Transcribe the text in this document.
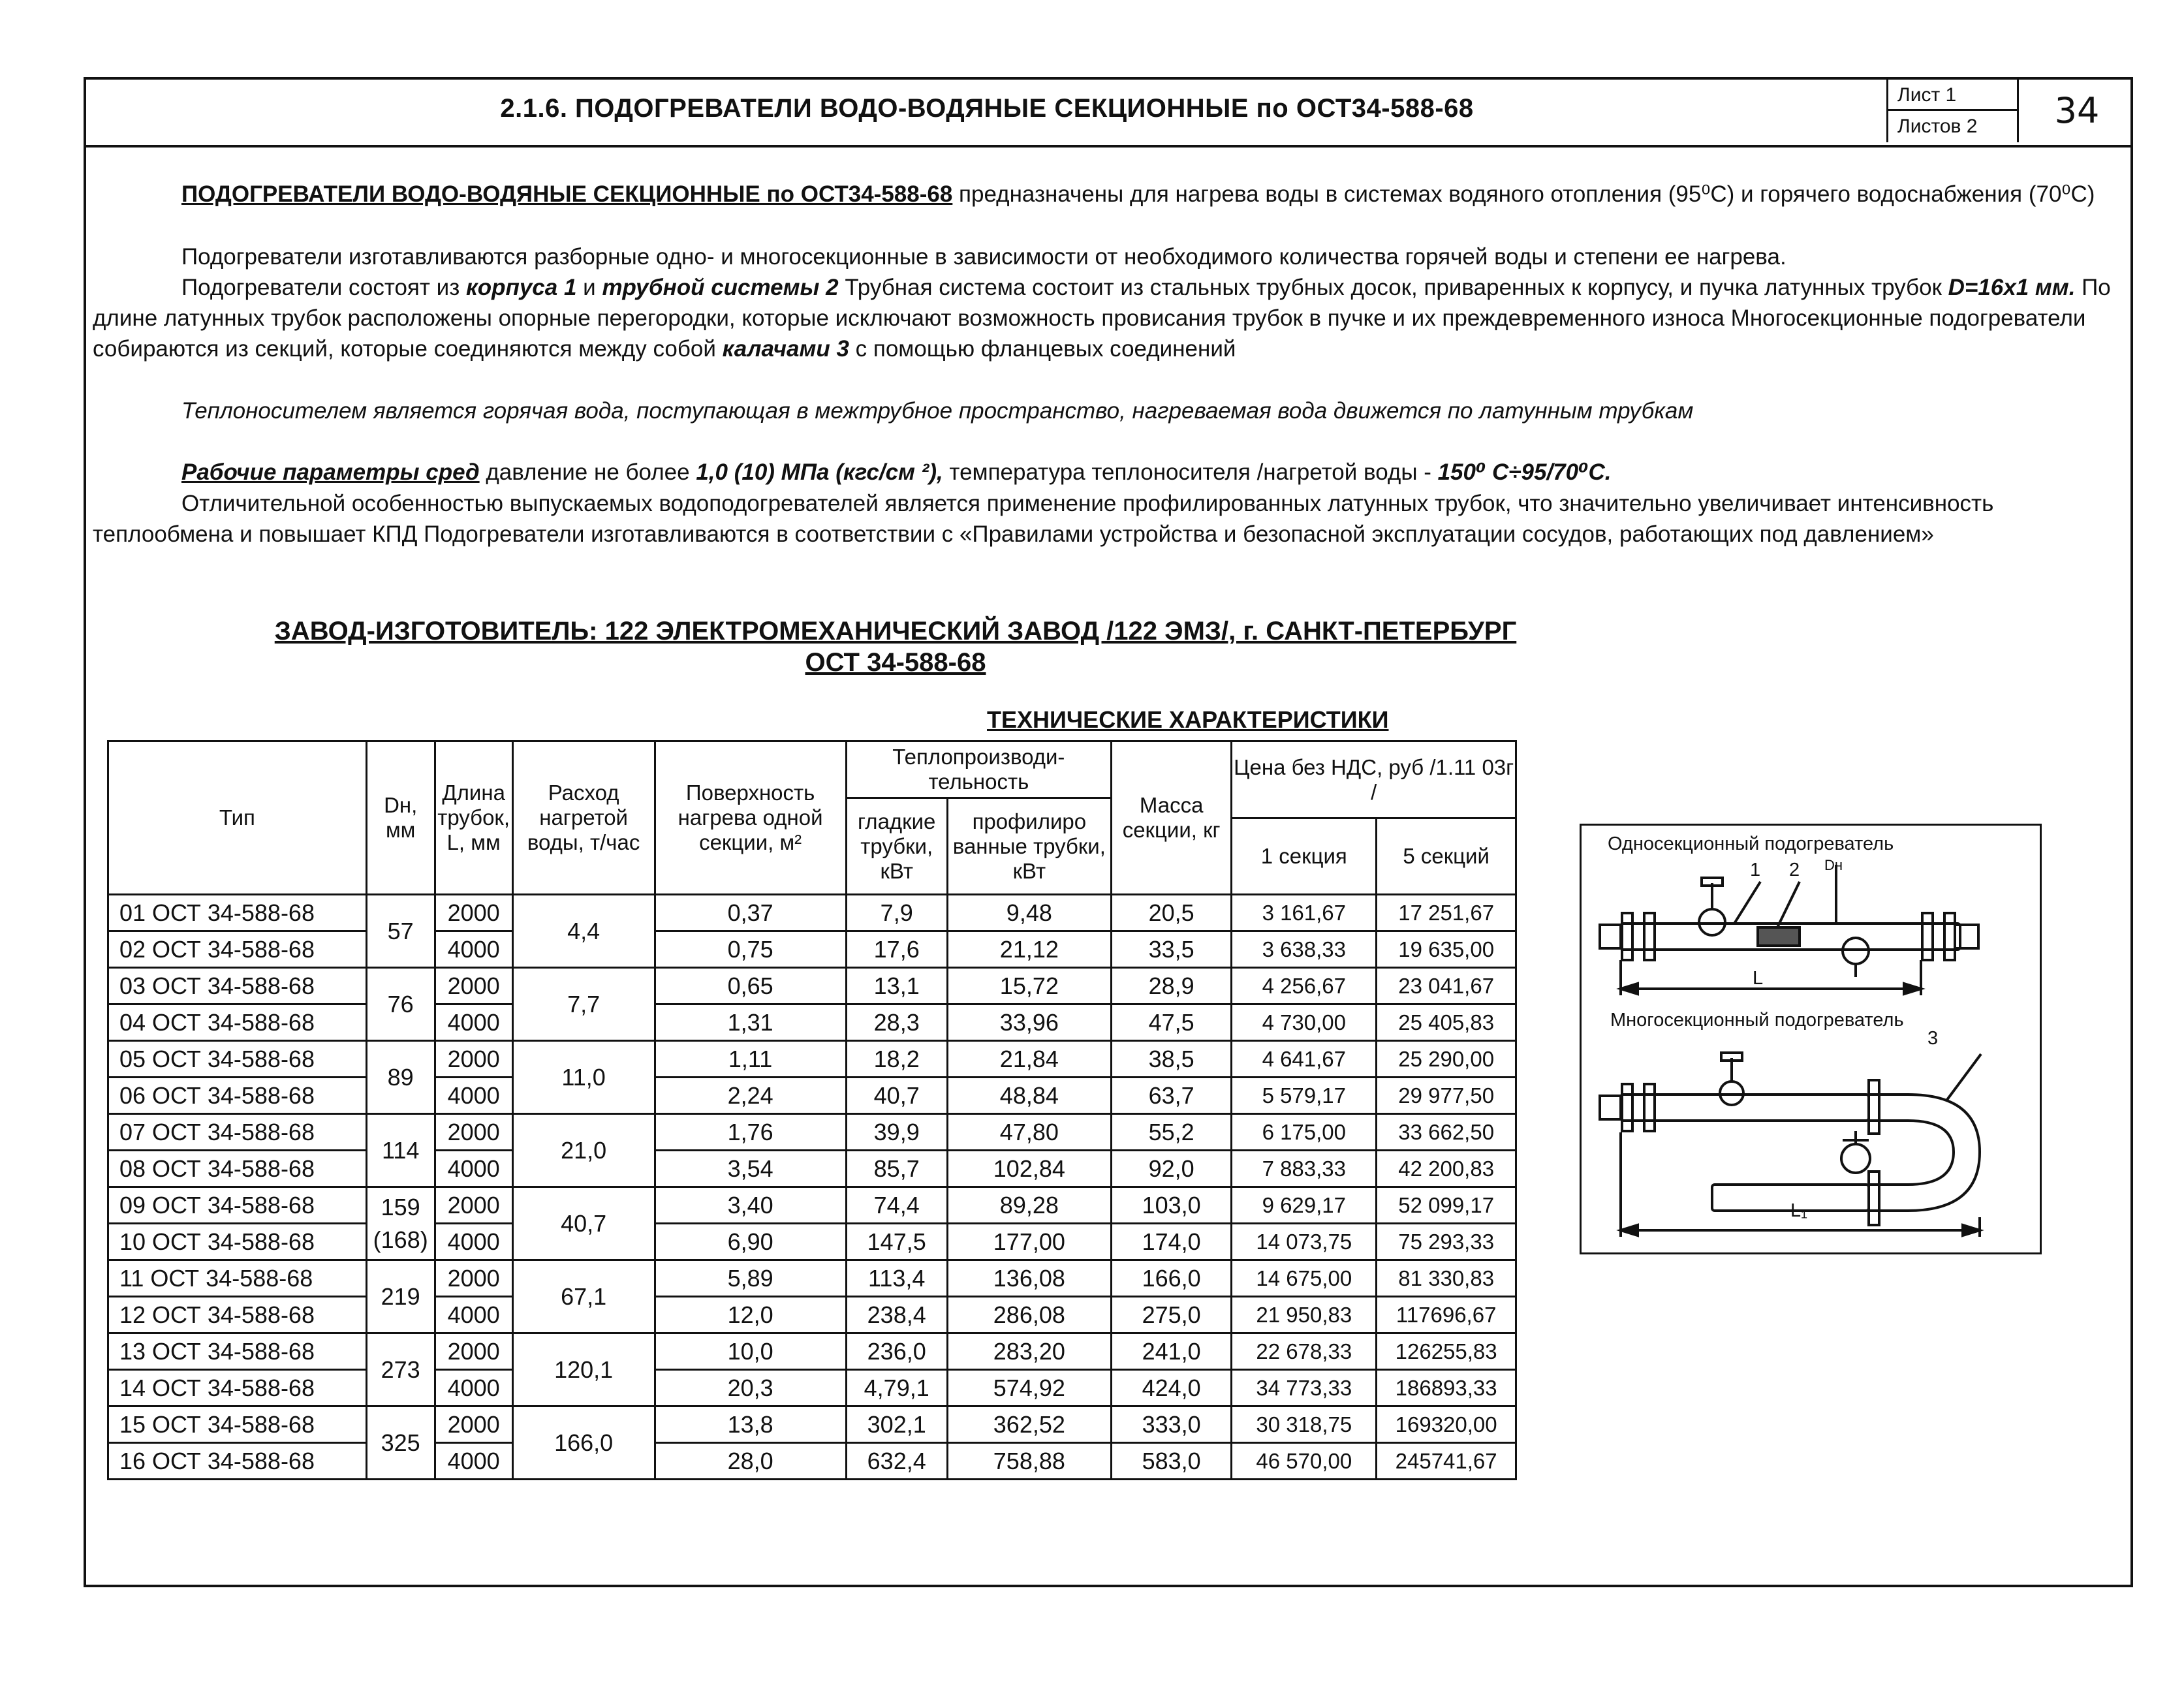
2.1.6. ПОДОГРЕВАТЕЛИ ВОДО-ВОДЯНЫЕ СЕКЦИОННЫЕ по ОСТ34-588-68	Лист 1
Листов 2	34
ПОДОГРЕВАТЕЛИ ВОДО-ВОДЯНЫЕ СЕКЦИОННЫЕ по ОСТ34-588-68 предназначены для нагрева воды в системах водяного отопления (95⁰С) и горячего водоснабжения (70⁰С)
Подогреватели изготавливаются разборные одно- и многосекционные в зависимости от необходимого количества горячей воды и степени ее нагрева.
Подогреватели состоят из корпуса 1 и трубной системы 2 Трубная система состоит из стальных трубных досок, приваренных к корпусу, и пучка латунных трубок D=16x1 мм. По длине латунных трубок расположены опорные перегородки, которые исключают возможность провисания трубок в пучке и их преждевременного износа Многосекционные подогреватели собираются из секций, которые соединяются между собой калачами 3 с помощью фланцевых соединений
Теплоносителем является горячая вода, поступающая в межтрубное пространство, нагреваемая вода движется по латунным трубкам
Рабочие параметры сред давление не более 1,0 (10) МПа (кгс/см ²), температура теплоносителя /нагретой воды - 150⁰ С÷95/70⁰С.
Отличительной особенностью выпускаемых водоподогревателей является применение профилированных латунных трубок, что значительно увеличивает интенсивность теплообмена и повышает КПД Подогреватели изготавливаются в соответствии с «Правилами устройства и безопасной эксплуатации сосудов, работающих под давлением»
ЗАВОД-ИЗГОТОВИТЕЛЬ: 122 ЭЛЕКТРОМЕХАНИЧЕСКИЙ ЗАВОД /122 ЭМЗ/, г. САНКТ-ПЕТЕРБУРГ
ОСТ 34-588-68
ТЕХНИЧЕСКИЕ ХАРАКТЕРИСТИКИ
Тип	Dн, мм	Длина трубок, L, мм	Расход нагретой воды, т/час	Поверхность нагрева одной секции, м²	Теплопроизводи-тельность		Масса секции, кг	Цена без НДС, руб /1.11 03г /	
					гладкие трубки, кВт	профилиро ванные трубки, кВт			
								1 секция	5 секций
01 ОСТ 34-588-68	57	2000	4,4	0,37	7,9	9,48	20,5	3 161,67	17 251,67
02 ОСТ 34-588-68		4000		0,75	17,6	21,12	33,5	3 638,33	19 635,00
03 ОСТ 34-588-68	76	2000	7,7	0,65	13,1	15,72	28,9	4 256,67	23 041,67
04 ОСТ 34-588-68		4000		1,31	28,3	33,96	47,5	4 730,00	25 405,83
05 ОСТ 34-588-68	89	2000	11,0	1,11	18,2	21,84	38,5	4 641,67	25 290,00
06 ОСТ 34-588-68		4000		2,24	40,7	48,84	63,7	5 579,17	29 977,50
07 ОСТ 34-588-68	114	2000	21,0	1,76	39,9	47,80	55,2	6 175,00	33 662,50
08 ОСТ 34-588-68		4000		3,54	85,7	102,84	92,0	7 883,33	42 200,83
09 ОСТ 34-588-68	159 (168)	2000	40,7	3,40	74,4	89,28	103,0	9 629,17	52 099,17
10 ОСТ 34-588-68		4000		6,90	147,5	177,00	174,0	14 073,75	75 293,33
11 ОСТ 34-588-68	219	2000	67,1	5,89	113,4	136,08	166,0	14 675,00	81 330,83
12 ОСТ 34-588-68		4000		12,0	238,4	286,08	275,0	21 950,83	117696,67
13 ОСТ 34-588-68	273	2000	120,1	10,0	236,0	283,20	241,0	22 678,33	126255,83
14 ОСТ 34-588-68		4000		20,3	4,79,1	574,92	424,0	34 773,33	186893,33
15 ОСТ 34-588-68	325	2000	166,0	13,8	302,1	362,52	333,0	30 318,75	169320,00
16 ОСТ 34-588-68		4000		28,0	632,4	758,88	583,0	46 570,00	245741,67
Односекционный подогреватель
Многосекционный подогреватель
1 2 Dн
3
L
L₁
